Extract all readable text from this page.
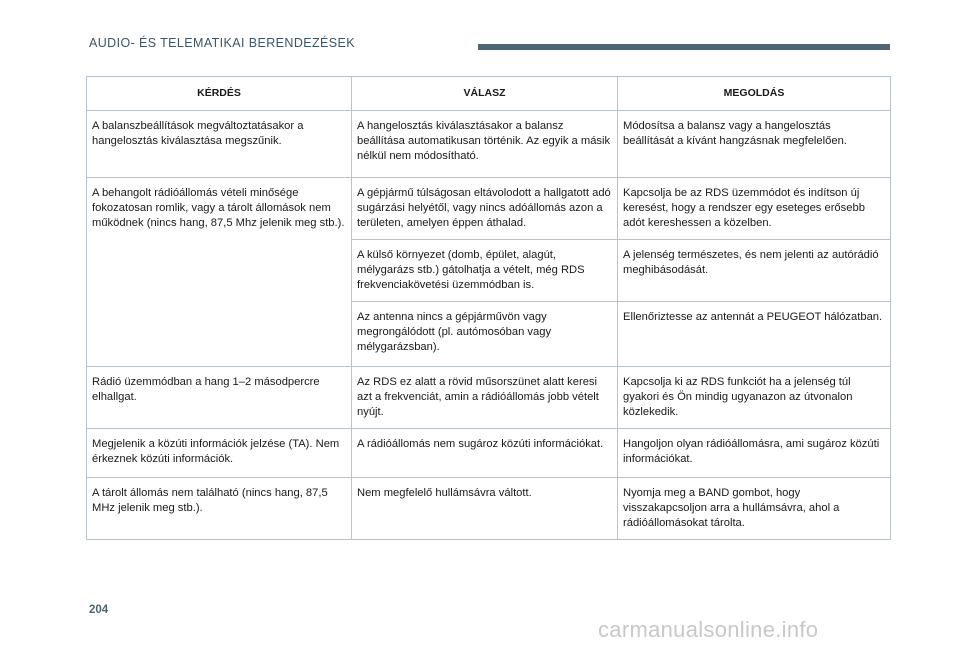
AUDIO- ÉS TELEMATIKAI BERENDEZÉSEK
KÉRDÉS	VÁLASZ	MEGOLDÁS
A balanszbeállítások megváltoztatásakor a hangelosztás kiválasztása megszűnik.	A hangelosztás kiválasztásakor a balansz beállítása automatikusan történik. Az egyik a másik nélkül nem módosítható.	Módosítsa a balansz vagy a hangelosztás beállítását a kívánt hangzásnak megfelelően.
A behangolt rádióállomás vételi minősége fokozatosan romlik, vagy a tárolt állomások nem működnek (nincs hang, 87,5 Mhz jelenik meg stb.).	A gépjármű túlságosan eltávolodott a hallgatott adó sugárzási helyétől, vagy nincs adóállomás azon a területen, amelyen éppen áthalad.	Kapcsolja be az RDS üzemmódot és indítson új keresést, hogy a rendszer egy eseteges erősebb adót kereshessen a közelben.
	A külső környezet (domb, épület, alagút, mélygarázs stb.) gátolhatja a vételt, még RDS frekvenciakövetési üzemmódban is.	A jelenség természetes, és nem jelenti az autórádió meghibásodását.
	Az antenna nincs a gépjárművön vagy megrongálódott (pl. autómosóban vagy mélygarázsban).	Ellenőriztesse az antennát a PEUGEOT hálózatban.
Rádió üzemmódban a hang 1–2 másodpercre elhallgat.	Az RDS ez alatt a rövid műsorszünet alatt keresi azt a frekvenciát, amin a rádióállomás jobb vételt nyújt.	Kapcsolja ki az RDS funkciót ha a jelenség túl gyakori és Ön mindig ugyanazon az útvonalon közlekedik.
Megjelenik a közúti információk jelzése (TA). Nem érkeznek közúti információk.	A rádióállomás nem sugároz közúti információkat.	Hangoljon olyan rádióállomásra, ami sugároz közúti információkat.
A tárolt állomás nem található (nincs hang, 87,5 MHz jelenik meg stb.).	Nem megfelelő hullámsávra váltott.	Nyomja meg a BAND gombot, hogy visszakapcsoljon arra a hullámsávra, ahol a rádióállomásokat tárolta.
204
carmanualsonline.info
